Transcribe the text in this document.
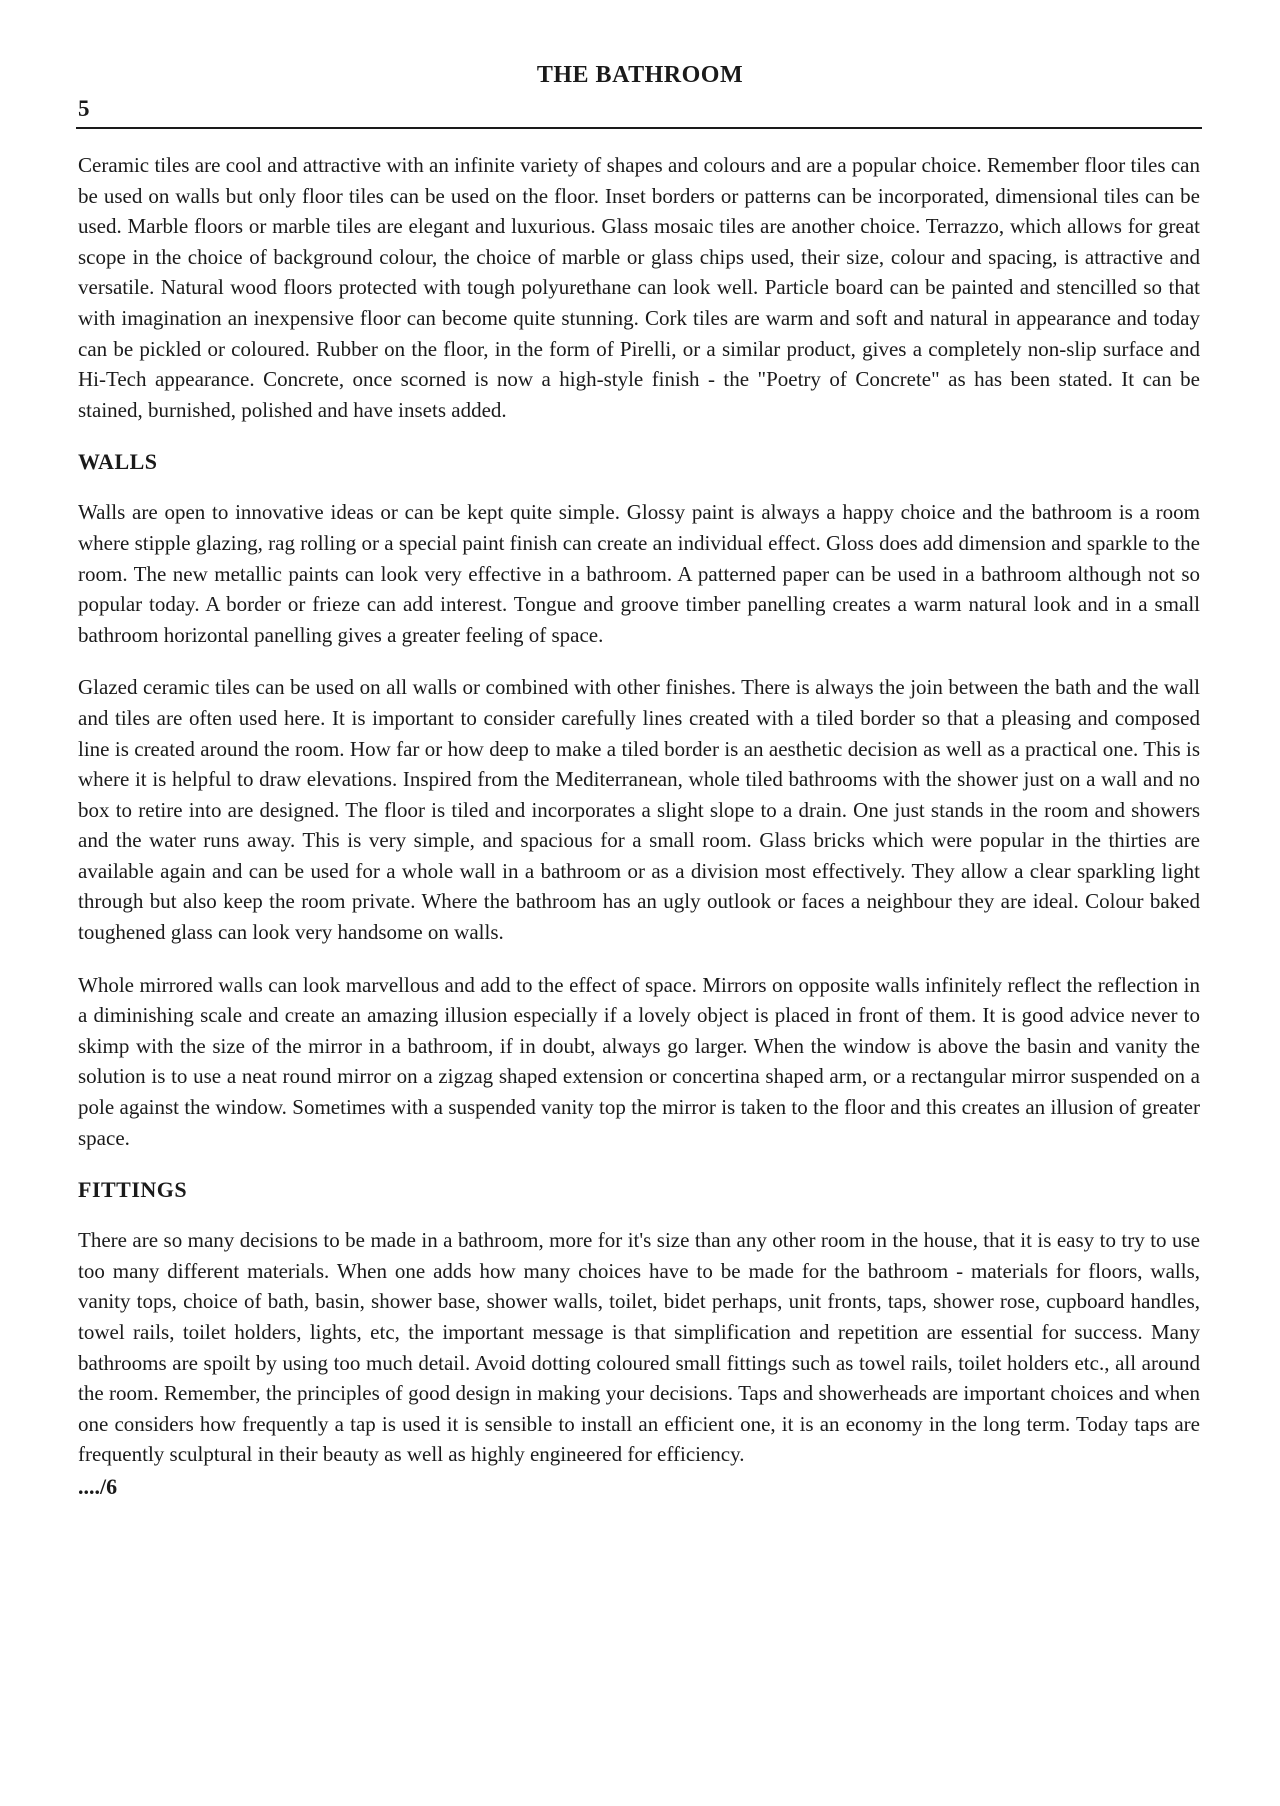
THE BATHROOM
5

Ceramic tiles are cool and attractive with an infinite variety of shapes and colours and are a popular choice. Remember floor tiles can be used on walls but only floor tiles can be used on the floor. Inset borders or patterns can be incorporated, dimensional tiles can be used. Marble floors or marble tiles are elegant and luxurious. Glass mosaic tiles are another choice. Terrazzo, which allows for great scope in the choice of background colour, the choice of marble or glass chips used, their size, colour and spacing, is attractive and versatile. Natural wood floors protected with tough polyurethane can look well. Particle board can be painted and stencilled so that with imagination an inexpensive floor can become quite stunning. Cork tiles are warm and soft and natural in appearance and today can be pickled or coloured. Rubber on the floor, in the form of Pirelli, or a similar product, gives a completely non-slip surface and Hi-Tech appearance. Concrete, once scorned is now a high-style finish - the "Poetry of Concrete" as has been stated. It can be stained, burnished, polished and have insets added.

WALLS

Walls are open to innovative ideas or can be kept quite simple. Glossy paint is always a happy choice and the bathroom is a room where stipple glazing, rag rolling or a special paint finish can create an individual effect. Gloss does add dimension and sparkle to the room. The new metallic paints can look very effective in a bathroom. A patterned paper can be used in a bathroom although not so popular today. A border or frieze can add interest. Tongue and groove timber panelling creates a warm natural look and in a small bathroom horizontal panelling gives a greater feeling of space.

Glazed ceramic tiles can be used on all walls or combined with other finishes. There is always the join between the bath and the wall and tiles are often used here. It is important to consider carefully lines created with a tiled border so that a pleasing and composed line is created around the room. How far or how deep to make a tiled border is an aesthetic decision as well as a practical one. This is where it is helpful to draw elevations. Inspired from the Mediterranean, whole tiled bathrooms with the shower just on a wall and no box to retire into are designed. The floor is tiled and incorporates a slight slope to a drain. One just stands in the room and showers and the water runs away. This is very simple, and spacious for a small room. Glass bricks which were popular in the thirties are available again and can be used for a whole wall in a bathroom or as a division most effectively. They allow a clear sparkling light through but also keep the room private. Where the bathroom has an ugly outlook or faces a neighbour they are ideal. Colour baked toughened glass can look very handsome on walls.

Whole mirrored walls can look marvellous and add to the effect of space. Mirrors on opposite walls infinitely reflect the reflection in a diminishing scale and create an amazing illusion especially if a lovely object is placed in front of them. It is good advice never to skimp with the size of the mirror in a bathroom, if in doubt, always go larger. When the window is above the basin and vanity the solution is to use a neat round mirror on a zigzag shaped extension or concertina shaped arm, or a rectangular mirror suspended on a pole against the window. Sometimes with a suspended vanity top the mirror is taken to the floor and this creates an illusion of greater space.

FITTINGS

There are so many decisions to be made in a bathroom, more for it's size than any other room in the house, that it is easy to try to use too many different materials. When one adds how many choices have to be made for the bathroom - materials for floors, walls, vanity tops, choice of bath, basin, shower base, shower walls, toilet, bidet perhaps, unit fronts, taps, shower rose, cupboard handles, towel rails, toilet holders, lights, etc, the important message is that simplification and repetition are essential for success. Many bathrooms are spoilt by using too much detail. Avoid dotting coloured small fittings such as towel rails, toilet holders etc., all around the room. Remember, the principles of good design in making your decisions. Taps and showerheads are important choices and when one considers how frequently a tap is used it is sensible to install an efficient one, it is an economy in the long term. Today taps are frequently sculptural in their beauty as well as highly engineered for efficiency.

..../6
